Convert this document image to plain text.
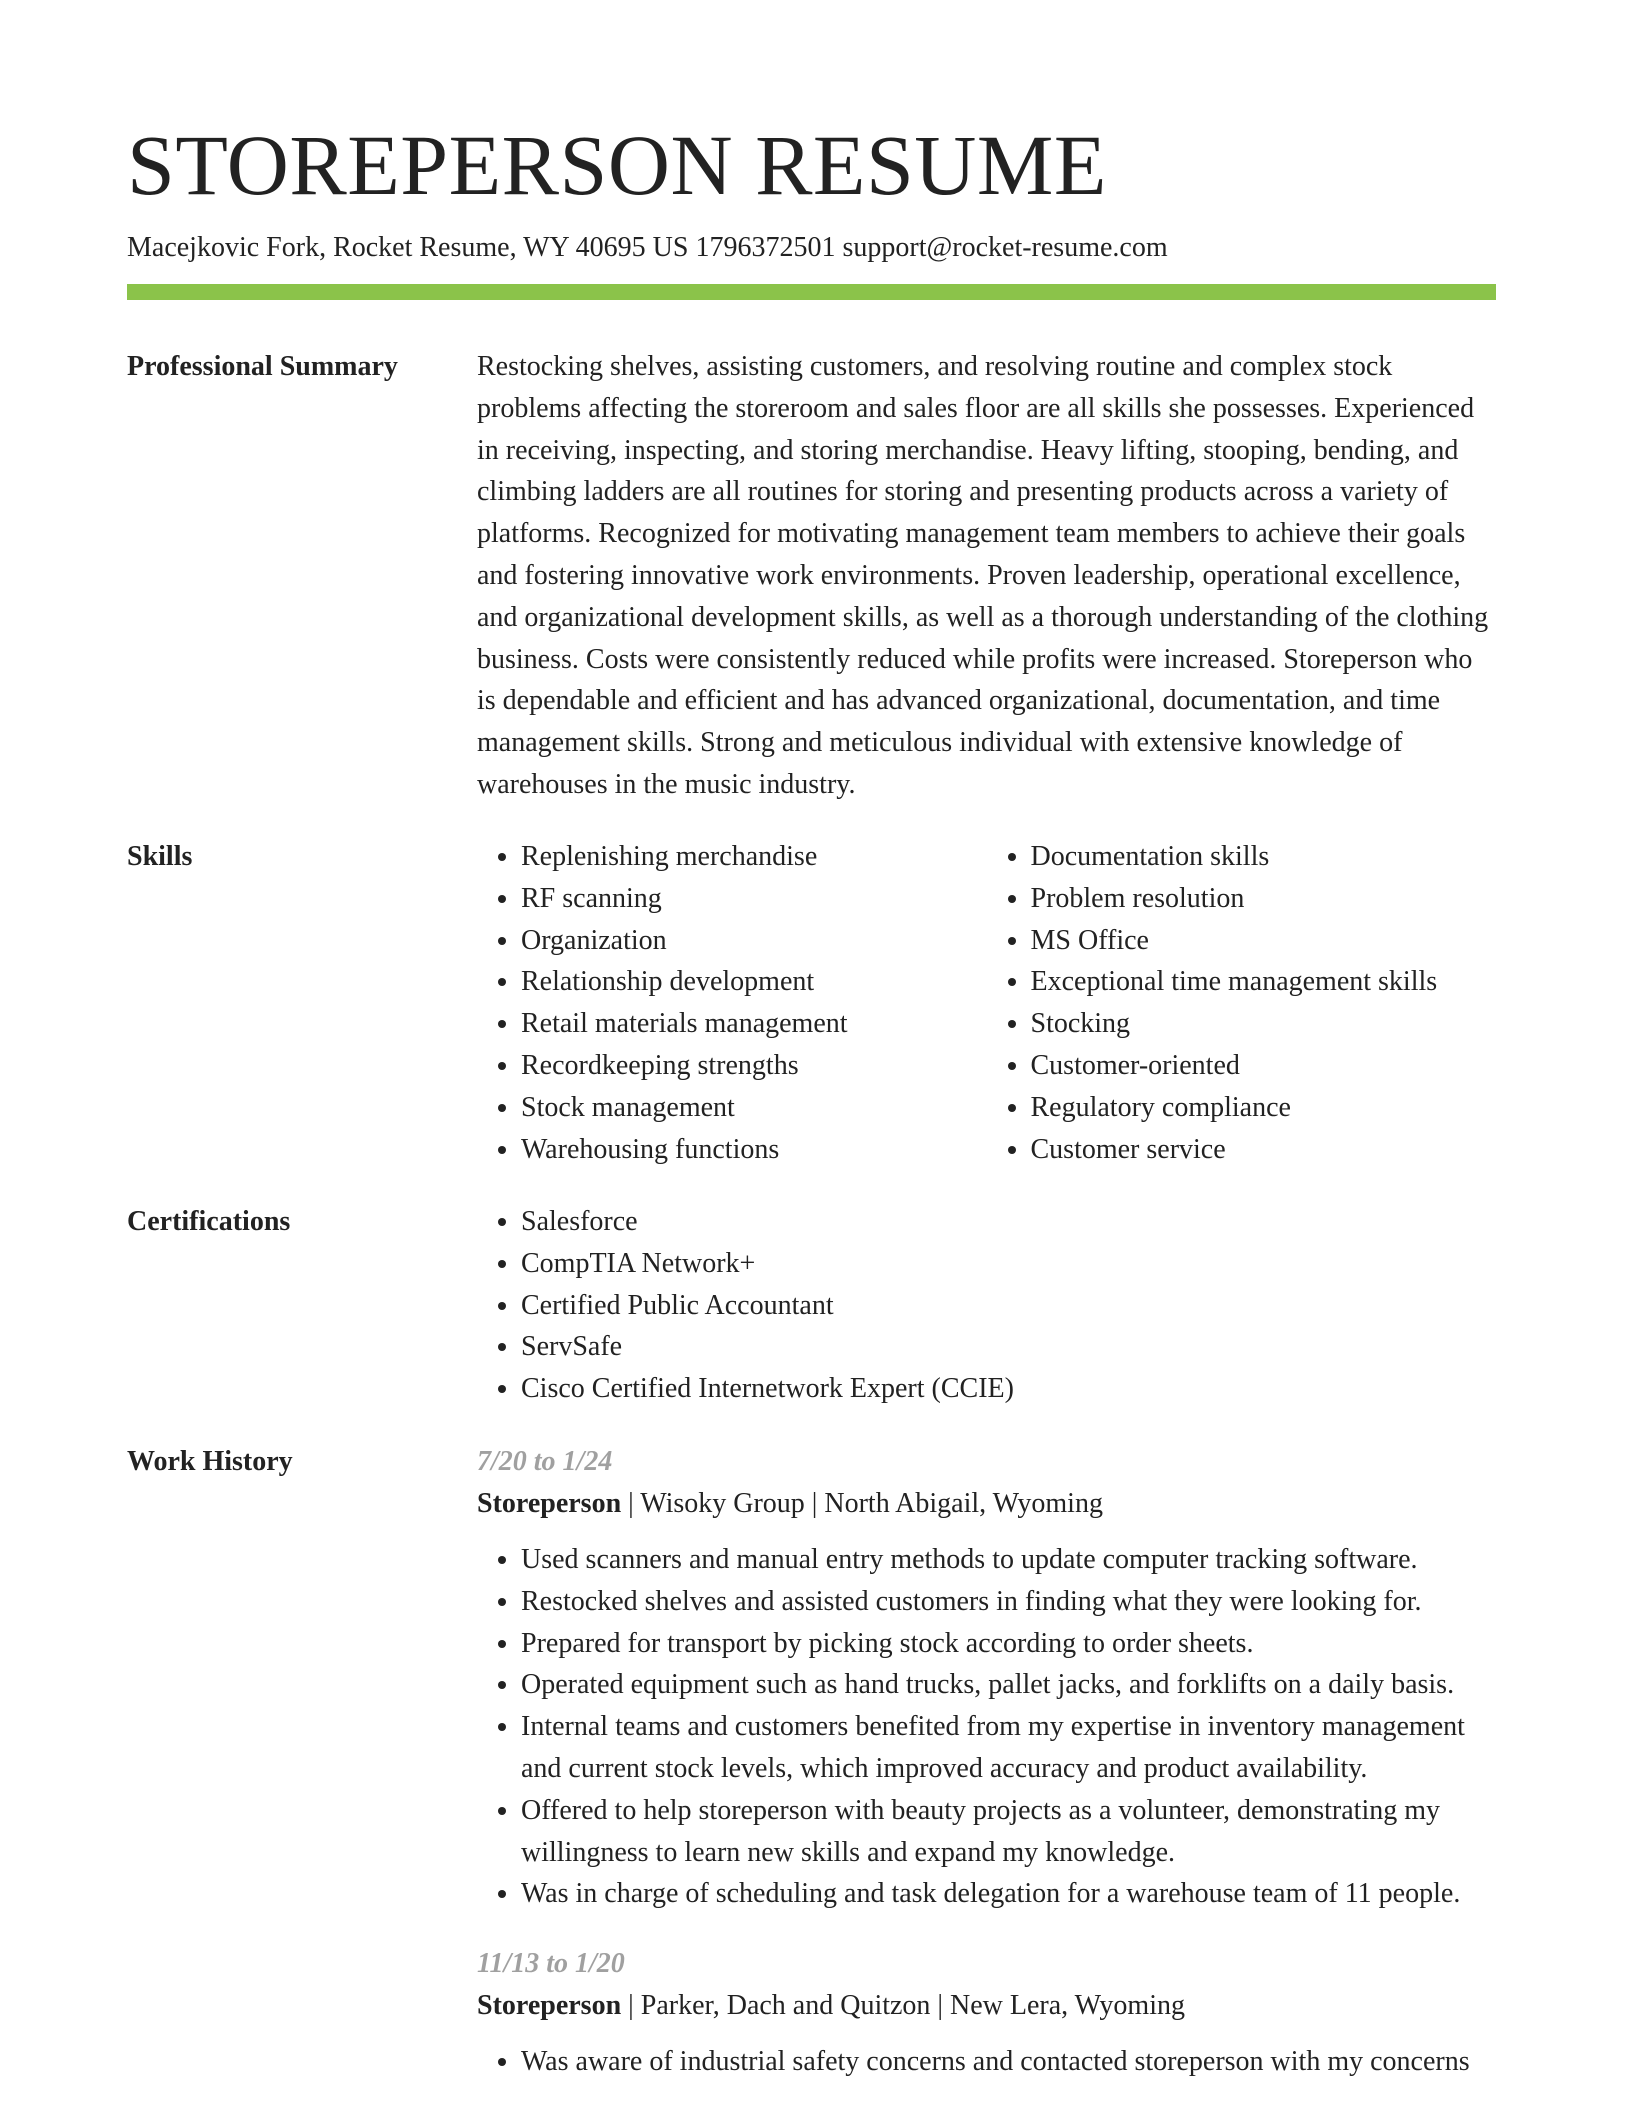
STOREPERSON RESUME
Macejkovic Fork, Rocket Resume, WY 40695 US 1796372501 support@rocket-resume.com
Professional Summary	Restocking shelves, assisting customers, and resolving routine and complex stock problems affecting the storeroom and sales floor are all skills she possesses. Experienced in receiving, inspecting, and storing merchandise. Heavy lifting, stooping, bending, and climbing ladders are all routines for storing and presenting products across a variety of platforms. Recognized for motivating management team members to achieve their goals and fostering innovative work environments. Proven leadership, operational excellence, and organizational development skills, as well as a thorough understanding of the clothing business. Costs were consistently reduced while profits were increased. Storeperson who is dependable and efficient and has advanced organizational, documentation, and time management skills. Strong and meticulous individual with extensive knowledge of warehouses in the music industry.

Skills	• Replenishing merchandise
• RF scanning
• Organization
• Relationship development
• Retail materials management
• Recordkeeping strengths
• Stock management
• Warehousing functions
• Documentation skills
• Problem resolution
• MS Office
• Exceptional time management skills
• Stocking
• Customer-oriented
• Regulatory compliance
• Customer service
Certifications	• Salesforce
• CompTIA Network+
• Certified Public Accountant
• ServSafe
• Cisco Certified Internetwork Expert (CCIE)
Work History	7/20 to 1/24

Storeperson | Wisoky Group | North Abigail, Wyoming

• Used scanners and manual entry methods to update computer tracking software.
• Restocked shelves and assisted customers in finding what they were looking for.
• Prepared for transport by picking stock according to order sheets.
• Operated equipment such as hand trucks, pallet jacks, and forklifts on a daily basis.
• Internal teams and customers benefited from my expertise in inventory management and current stock levels, which improved accuracy and product availability.
• Offered to help storeperson with beauty projects as a volunteer, demonstrating my willingness to learn new skills and expand my knowledge.
• Was in charge of scheduling and task delegation for a warehouse team of 11 people.

11/13 to 1/20

Storeperson | Parker, Dach and Quitzon | New Lera, Wyoming

• Was aware of industrial safety concerns and contacted storeperson with my concerns
